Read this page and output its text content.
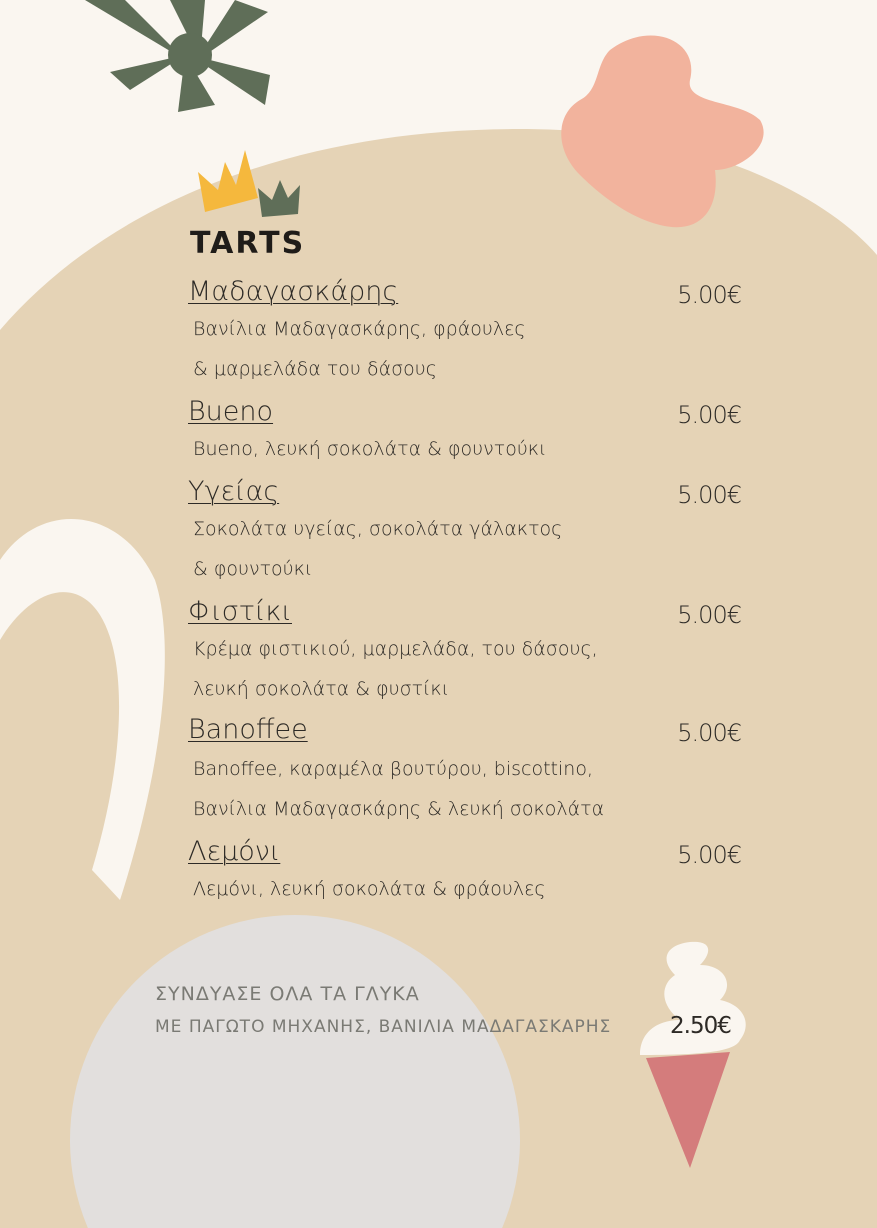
TARTS
Μαδαγασκάρης	5.00€
Βανίλια Μαδαγασκάρης, φράουλες
& μαρμελάδα του δάσους
Bueno	5.00€
Bueno, λευκή σοκολάτα & φουντούκι
Υγείας	5.00€
Σοκολάτα υγείας, σοκολάτα γάλακτος
& φουντούκι
Φιστίκι	5.00€
Κρέμα φιστικιού, μαρμελάδα, του δάσους,
λευκή σοκολάτα & φυστίκι
Banoffee	5.00€
Banoffee, καραμέλα βουτύρου, biscottino,
Βανίλια Μαδαγασκάρης & λευκή σοκολάτα
Λεμόνι	5.00€
Λεμόνι, λευκή σοκολάτα & φράουλες
ΣΥΝΔΥΑΣΕ ΟΛΑ ΤΑ ΓΛΥΚΑ
ΜΕ ΠΑΓΩΤΟ ΜΗΧΑΝΗΣ, ΒΑΝΙΛΙΑ ΜΑΔΑΓΑΣΚΑΡΗΣ	2.50€
